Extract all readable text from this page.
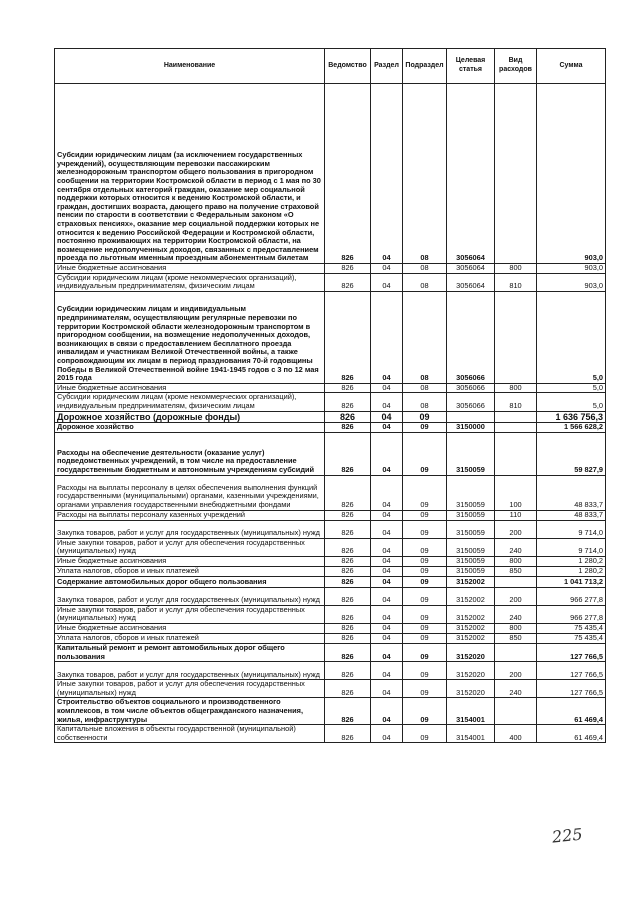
Наименование	Ведомство	Раздел	Подраздел	Целевая статья	Вид расходов	Сумма
Субсидии юридическим лицам (за исключением государственных учреждений), осуществляющим перевозки пассажирским железнодорожным транспортом общего пользования в пригородном сообщении на территории Костромской области в период с 1 мая по 30 сентября отдельных категорий граждан, оказание мер социальной поддержки которых относится к ведению Костромской области, и граждан, достигших возраста, дающего право на получение страховой пенсии по старости в соответствии с Федеральным законом «О страховых пенсиях», оказание мер социальной поддержки которых не относится к ведению Российской Федерации и Костромской области, постоянно проживающих на территории Костромской области, на возмещение недополученных доходов, связанных с предоставлением проезда по льготным именным проездным абонементным билетам	826	04	08	3056064		903,0
Иные бюджетные ассигнования	826	04	08	3056064	800	903,0
Субсидии юридическим лицам (кроме некоммерческих организаций), индивидуальным предпринимателям, физическим лицам	826	04	08	3056064	810	903,0
Субсидии юридическим лицам и индивидуальным предпринимателям, осуществляющим регулярные перевозки по территории Костромской области железнодорожным транспортом в пригородном сообщении, на возмещение недополученных доходов, возникающих в связи с предоставлением бесплатного проезда инвалидам и участникам Великой Отечественной войны, а также сопровождающим их лицам в период празднования 70-й годовщины Победы в Великой Отечественной войне 1941-1945 годов с 3 по 12 мая 2015 года	826	04	08	3056066		5,0
Иные бюджетные ассигнования	826	04	08	3056066	800	5,0
Субсидии юридическим лицам (кроме некоммерческих организаций), индивидуальным предпринимателям, физическим лицам	826	04	08	3056066	810	5,0
Дорожное хозяйство (дорожные фонды)	826	04	09			1 636 756,3
Дорожное хозяйство	826	04	09	3150000		1 566 628,2
Расходы на обеспечение деятельности (оказание услуг) подведомственных учреждений, в том числе на предоставление государственным бюджетным и автономным учреждениям субсидий	826	04	09	3150059		59 827,9
Расходы на выплаты персоналу в целях обеспечения выполнения функций государственными (муниципальными) органами, казенными учреждениями, органами управления государственными внебюджетными фондами	826	04	09	3150059	100	48 833,7
Расходы на выплаты персоналу казенных учреждений	826	04	09	3150059	110	48 833,7
Закупка товаров, работ и услуг для государственных (муниципальных) нужд	826	04	09	3150059	200	9 714,0
Иные закупки товаров, работ и услуг для обеспечения государственных (муниципальных) нужд	826	04	09	3150059	240	9 714,0
Иные бюджетные ассигнования	826	04	09	3150059	800	1 280,2
Уплата налогов, сборов и иных платежей	826	04	09	3150059	850	1 280,2
Содержание автомобильных дорог общего пользования	826	04	09	3152002		1 041 713,2
Закупка товаров, работ и услуг для государственных (муниципальных) нужд	826	04	09	3152002	200	966 277,8
Иные закупки товаров, работ и услуг для обеспечения государственных (муниципальных) нужд	826	04	09	3152002	240	966 277,8
Иные бюджетные ассигнования	826	04	09	3152002	800	75 435,4
Уплата налогов, сборов и иных платежей	826	04	09	3152002	850	75 435,4
Капитальный ремонт и ремонт автомобильных дорог общего пользования	826	04	09	3152020		127 766,5
Закупка товаров, работ и услуг для государственных (муниципальных) нужд	826	04	09	3152020	200	127 766,5
Иные закупки товаров, работ и услуг для обеспечения государственных (муниципальных) нужд	826	04	09	3152020	240	127 766,5
Строительство объектов социального и производственного комплексов, в том числе объектов общегражданского назначения, жилья, инфраструктуры	826	04	09	3154001		61 469,4
Капитальные вложения в объекты государственной (муниципальной) собственности	826	04	09	3154001	400	61 469,4
225
